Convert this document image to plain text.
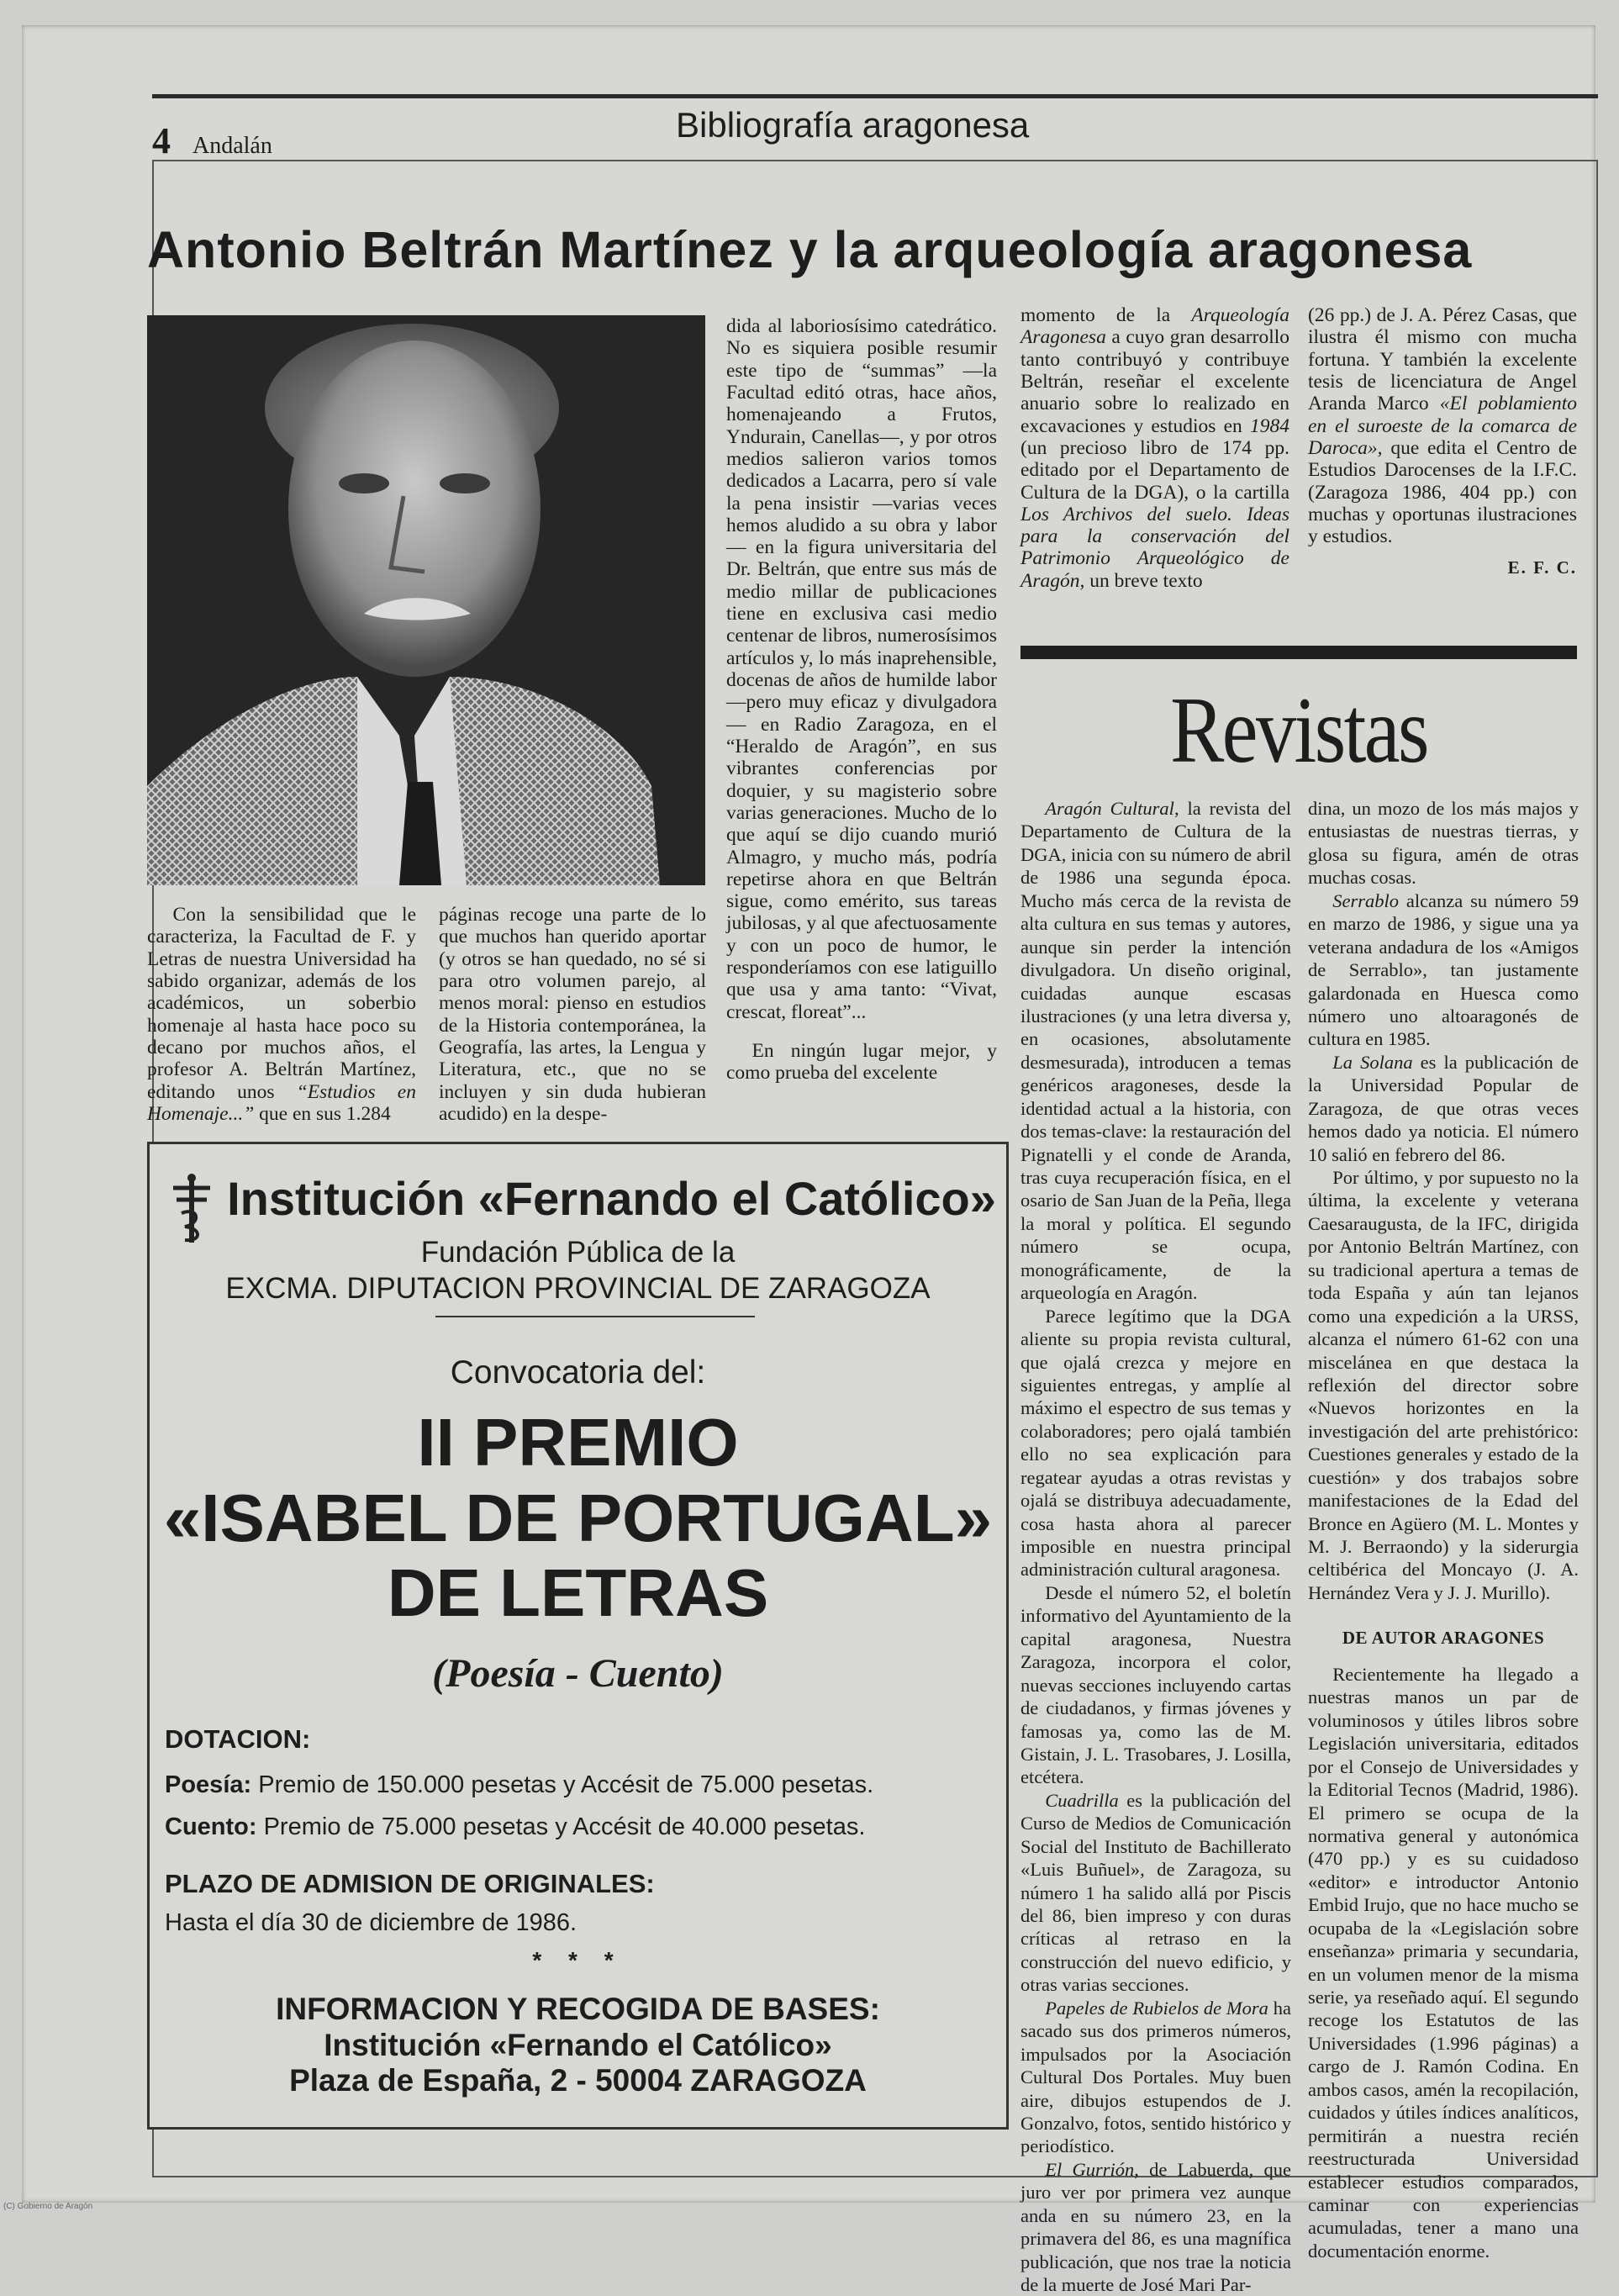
4 Andalán
Bibliografía aragonesa
Antonio Beltrán Martínez y la arqueología aragonesa

Con la sensibilidad que le caracteriza, la Facultad de F. y Letras de nuestra Universidad ha sabido organizar, además de los académicos, un soberbio homenaje al hasta hace poco su decano por muchos años, el profesor A. Beltrán Martínez, editando unos “Estudios en Homenaje...” que en sus 1.284

páginas recoge una parte de lo que muchos han querido aportar (y otros se han quedado, no sé si para otro volumen parejo, al menos moral: pienso en estudios de la Historia contemporánea, la Geografía, las artes, la Lengua y Literatura, etc., que no se incluyen y sin duda hubieran acudido) en la despe-

dida al laboriosísimo catedrático. No es siquiera posible resumir este tipo de “summas” —la Facultad editó otras, hace años, homenajeando a Frutos, Yndurain, Canellas—, y por otros medios salieron varios tomos dedicados a Lacarra, pero sí vale la pena insistir —varias veces hemos aludido a su obra y labor— en la figura universitaria del Dr. Beltrán, que entre sus más de medio millar de publicaciones tiene en exclusiva casi medio centenar de libros, numerosísimos artículos y, lo más inaprehensible, docenas de años de humilde labor —pero muy eficaz y divulgadora— en Radio Zaragoza, en el “Heraldo de Aragón”, en sus vibrantes conferencias por doquier, y su magisterio sobre varias generaciones. Mucho de lo que aquí se dijo cuando murió Almagro, y mucho más, podría repetirse ahora en que Beltrán sigue, como emérito, sus tareas jubilosas, y al que afectuosamente y con un poco de humor, le responderíamos con ese latiguillo que usa y ama tanto: “Vivat, crescat, floreat”...

En ningún lugar mejor, y como prueba del excelente

momento de la Arqueología Aragonesa a cuyo gran desarrollo tanto contribuyó y contribuye Beltrán, reseñar el excelente anuario sobre lo realizado en excavaciones y estudios en 1984 (un precioso libro de 174 pp. editado por el Departamento de Cultura de la DGA), o la cartilla Los Archivos del suelo. Ideas para la conservación del Patrimonio Arqueológico de Aragón, un breve texto

(26 pp.) de J. A. Pérez Casas, que ilustra él mismo con mucha fortuna. Y también la excelente tesis de licenciatura de Angel Aranda Marco «El poblamiento en el suroeste de la comarca de Daroca», que edita el Centro de Estudios Darocenses de la I.F.C. (Zaragoza 1986, 404 pp.) con muchas y oportunas ilustraciones y estudios.

E. F. C.
Revistas

Aragón Cultural, la revista del Departamento de Cultura de la DGA, inicia con su número de abril de 1986 una segunda época. Mucho más cerca de la revista de alta cultura en sus temas y autores, aunque sin perder la intención divulgadora. Un diseño original, cuidadas aunque escasas ilustraciones (y una letra diversa y, en ocasiones, absolutamente desmesurada), introducen a temas genéricos aragoneses, desde la identidad actual a la historia, con dos temas-clave: la restauración del Pignatelli y el conde de Aranda, tras cuya recuperación física, en el osario de San Juan de la Peña, llega la moral y política. El segundo número se ocupa, monográficamente, de la arqueología en Aragón.

Parece legítimo que la DGA aliente su propia revista cultural, que ojalá crezca y mejore en siguientes entregas, y amplíe al máximo el espectro de sus temas y colaboradores; pero ojalá también ello no sea explicación para regatear ayudas a otras revistas y ojalá se distribuya adecuadamente, cosa hasta ahora al parecer imposible en nuestra principal administración cultural aragonesa.

Desde el número 52, el boletín informativo del Ayuntamiento de la capital aragonesa, Nuestra Zaragoza, incorpora el color, nuevas secciones incluyendo cartas de ciudadanos, y firmas jóvenes y famosas ya, como las de M. Gistain, J. L. Trasobares, J. Losilla, etcétera.

Cuadrilla es la publicación del Curso de Medios de Comunicación Social del Instituto de Bachillerato «Luis Buñuel», de Zaragoza, su número 1 ha salido allá por Piscis del 86, bien impreso y con duras críticas al retraso en la construcción del nuevo edificio, y otras varias secciones.

Papeles de Rubielos de Mora ha sacado sus dos primeros números, impulsados por la Asociación Cultural Dos Portales. Muy buen aire, dibujos estupendos de J. Gonzalvo, fotos, sentido histórico y periodístico.

El Gurrión, de Labuerda, que juro ver por primera vez aunque anda en su número 23, en la primavera del 86, es una magnífica publicación, que nos trae la noticia de la muerte de José Mari Par-

dina, un mozo de los más majos y entusiastas de nuestras tierras, y glosa su figura, amén de otras muchas cosas.

Serrablo alcanza su número 59 en marzo de 1986, y sigue una ya veterana andadura de los «Amigos de Serrablo», tan justamente galardonada en Huesca como número uno altoaragonés de cultura en 1985.

La Solana es la publicación de la Universidad Popular de Zaragoza, de que otras veces hemos dado ya noticia. El número 10 salió en febrero del 86.

Por último, y por supuesto no la última, la excelente y veterana Caesaraugusta, de la IFC, dirigida por Antonio Beltrán Martínez, con su tradicional apertura a temas de toda España y aún tan lejanos como una expedición a la URSS, alcanza el número 61-62 con una miscelánea en que destaca la reflexión del director sobre «Nuevos horizontes en la investigación del arte prehistórico: Cuestiones generales y estado de la cuestión» y dos trabajos sobre manifestaciones de la Edad del Bronce en Agüero (M. L. Montes y M. J. Berraondo) y la siderurgia celtibérica del Moncayo (J. A. Hernández Vera y J. J. Murillo).

DE AUTOR ARAGONES

Recientemente ha llegado a nuestras manos un par de voluminosos y útiles libros sobre Legislación universitaria, editados por el Consejo de Universidades y la Editorial Tecnos (Madrid, 1986). El primero se ocupa de la normativa general y autonómica (470 pp.) y es su cuidadoso «editor» e introductor Antonio Embid Irujo, que no hace mucho se ocupaba de la «Legislación sobre enseñanza» primaria y secundaria, en un volumen menor de la misma serie, ya reseñado aquí. El segundo recoge los Estatutos de las Universidades (1.996 páginas) a cargo de J. Ramón Codina. En ambos casos, amén la recopilación, cuidados y útiles índices analíticos, permitirán a nuestra recién reestructurada Universidad establecer estudios comparados, caminar con experiencias acumuladas, tener a mano una documentación enorme.

Institución «Fernando el Católico»
Fundación Pública de la
EXCMA. DIPUTACION PROVINCIAL DE ZARAGOZA
Convocatoria del:
II PREMIO
«ISABEL DE PORTUGAL»
DE LETRAS
(Poesía - Cuento)
DOTACION:
Poesía: Premio de 150.000 pesetas y Accésit de 75.000 pesetas.
Cuento: Premio de 75.000 pesetas y Accésit de 40.000 pesetas.
PLAZO DE ADMISION DE ORIGINALES:
Hasta el día 30 de diciembre de 1986.
* * *
INFORMACION Y RECOGIDA DE BASES:
Institución «Fernando el Católico»
Plaza de España, 2 - 50004 ZARAGOZA
(C) Gobierno de Aragón
